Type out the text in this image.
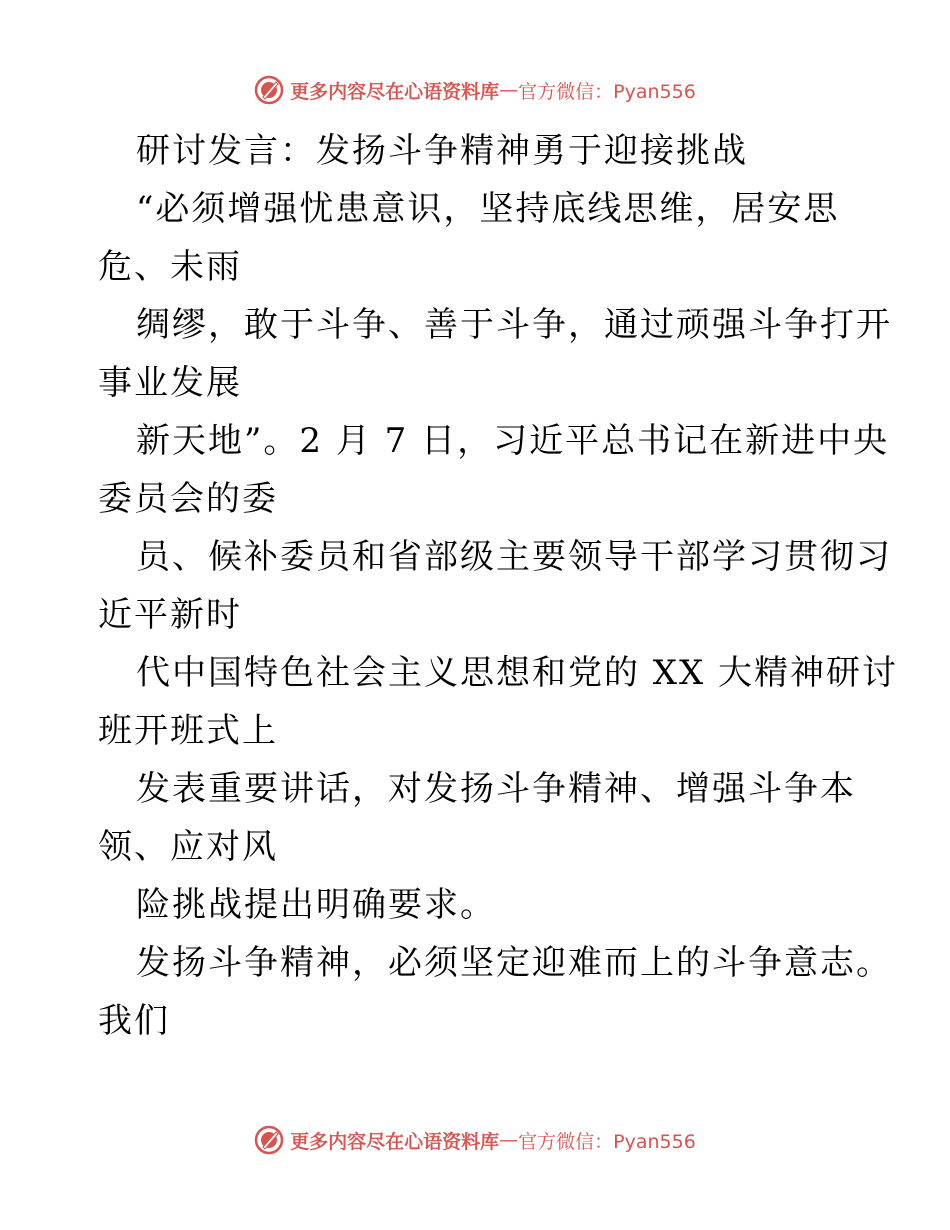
更多内容尽在心语资料库 — 官方微信：Pyan556
研讨发言：发扬斗争精神勇于迎接挑战
“必须增强忧患意识，坚持底线思维，居安思
危、未雨
绸缪，敢于斗争、善于斗争，通过顽强斗争打开
事业发展
新天地”。2 月 7 日，习近平总书记在新进中央
委员会的委
员、候补委员和省部级主要领导干部学习贯彻习
近平新时
代中国特色社会主义思想和党的 XX 大精神研讨
班开班式上
发表重要讲话，对发扬斗争精神、增强斗争本
领、应对风
险挑战提出明确要求。
发扬斗争精神，必须坚定迎难而上的斗争意志。
我们
更多内容尽在心语资料库 — 官方微信：Pyan556
